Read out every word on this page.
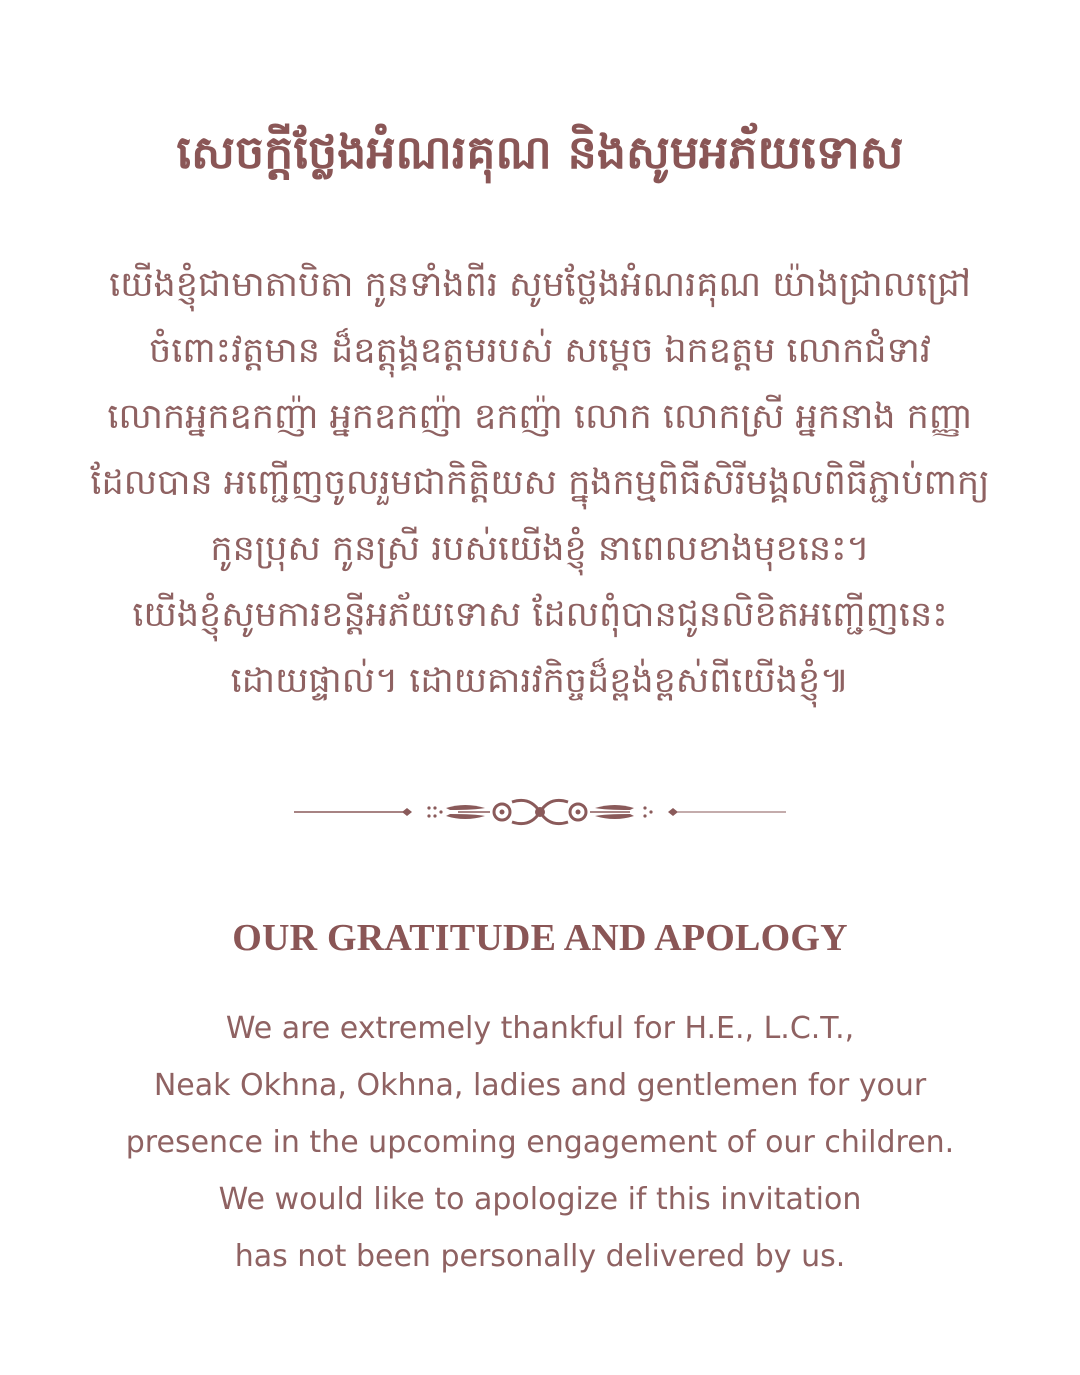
សេចក្ដីថ្លែងអំណរគុណ និងសូមអភ័យទោស

យើងខ្ញុំជាមាតាបិតា កូនទាំងពីរ សូមថ្លែងអំណរគុណ យ៉ាងជ្រាលជ្រៅ
ចំពោះវត្តមាន ដ៏ឧត្ដុង្គឧត្ដមរបស់ សម្ដេច ឯកឧត្ដម លោកជំទាវ
លោកអ្នកឧកញ៉ា អ្នកឧកញ៉ា ឧកញ៉ា លោក លោកស្រី អ្នកនាង កញ្ញា
ដែលបាន អញ្ជើញចូលរួមជាកិត្តិយស ក្នុងកម្មពិធីសិរីមង្គលពិធីភ្ជាប់ពាក្យ
កូនប្រុស កូនស្រី របស់យើងខ្ញុំ នាពេលខាងមុខនេះ។
យើងខ្ញុំសូមការខន្តីអភ័យទោស ដែលពុំបានជូនលិខិតអញ្ជើញនេះ
ដោយផ្ទាល់។ ដោយគារវកិច្ចដ៏ខ្ពង់ខ្ពស់ពីយើងខ្ញុំ៕

OUR GRATITUDE AND APOLOGY

We are extremely thankful for H.E., L.C.T.,
Neak Okhna, Okhna, ladies and gentlemen for your
presence in the upcoming engagement of our children.
We would like to apologize if this invitation
has not been personally delivered by us.
